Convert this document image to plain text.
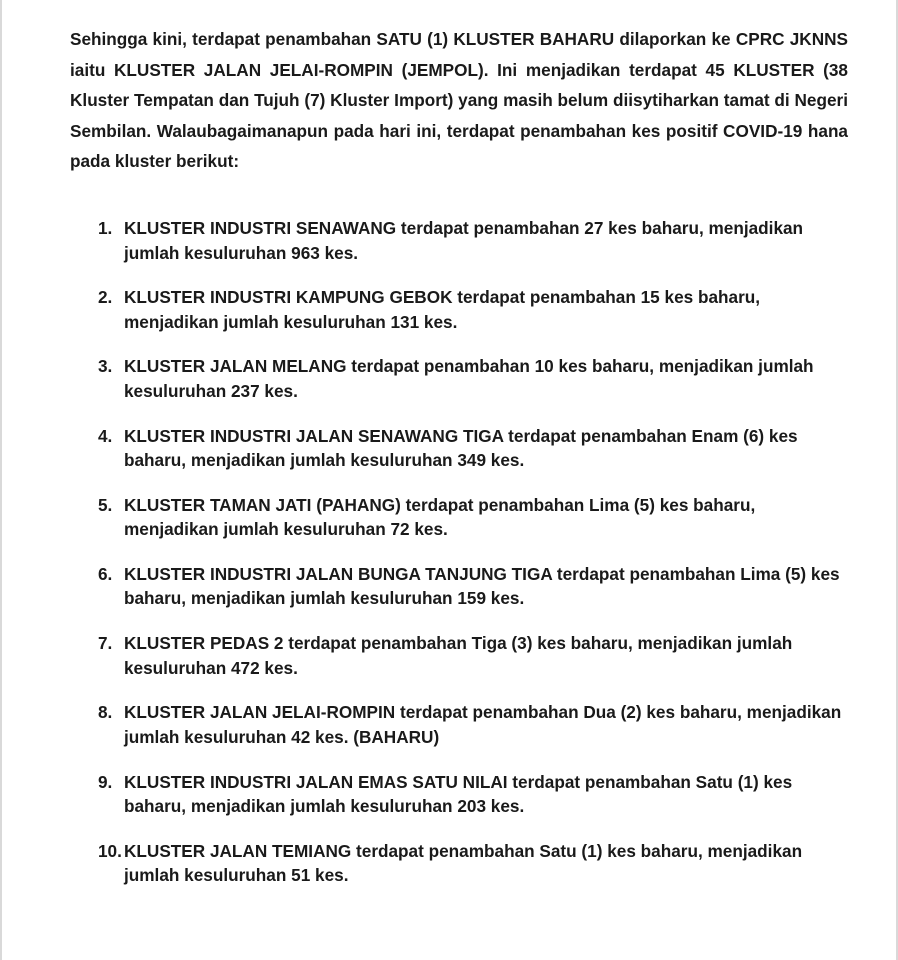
Sehingga kini, terdapat penambahan SATU (1) KLUSTER BAHARU dilaporkan ke CPRC JKNNS iaitu KLUSTER JALAN JELAI-ROMPIN (JEMPOL). Ini menjadikan terdapat 45 KLUSTER (38 Kluster Tempatan dan Tujuh (7) Kluster Import) yang masih belum diisytiharkan tamat di Negeri Sembilan. Walaubagaimanapun pada hari ini, terdapat penambahan kes positif COVID-19 hana pada kluster berikut:

1. KLUSTER INDUSTRI SENAWANG terdapat penambahan 27 kes baharu, menjadikan jumlah kesuluruhan 963 kes.
2. KLUSTER INDUSTRI KAMPUNG GEBOK terdapat penambahan 15 kes baharu, menjadikan jumlah kesuluruhan 131 kes.
3. KLUSTER JALAN MELANG terdapat penambahan 10 kes baharu, menjadikan jumlah kesuluruhan 237 kes.
4. KLUSTER INDUSTRI JALAN SENAWANG TIGA terdapat penambahan Enam (6) kes baharu, menjadikan jumlah kesuluruhan 349 kes.
5. KLUSTER TAMAN JATI (PAHANG) terdapat penambahan Lima (5) kes baharu, menjadikan jumlah kesuluruhan 72 kes.
6. KLUSTER INDUSTRI JALAN BUNGA TANJUNG TIGA terdapat penambahan Lima (5) kes baharu, menjadikan jumlah kesuluruhan 159 kes.
7. KLUSTER PEDAS 2 terdapat penambahan Tiga (3) kes baharu, menjadikan jumlah kesuluruhan 472 kes.
8. KLUSTER JALAN JELAI-ROMPIN terdapat penambahan Dua (2) kes baharu, menjadikan jumlah kesuluruhan 42 kes. (BAHARU)
9. KLUSTER INDUSTRI JALAN EMAS SATU NILAI terdapat penambahan Satu (1) kes baharu, menjadikan jumlah kesuluruhan 203 kes.
10. KLUSTER JALAN TEMIANG terdapat penambahan Satu (1) kes baharu, menjadikan jumlah kesuluruhan 51 kes.
